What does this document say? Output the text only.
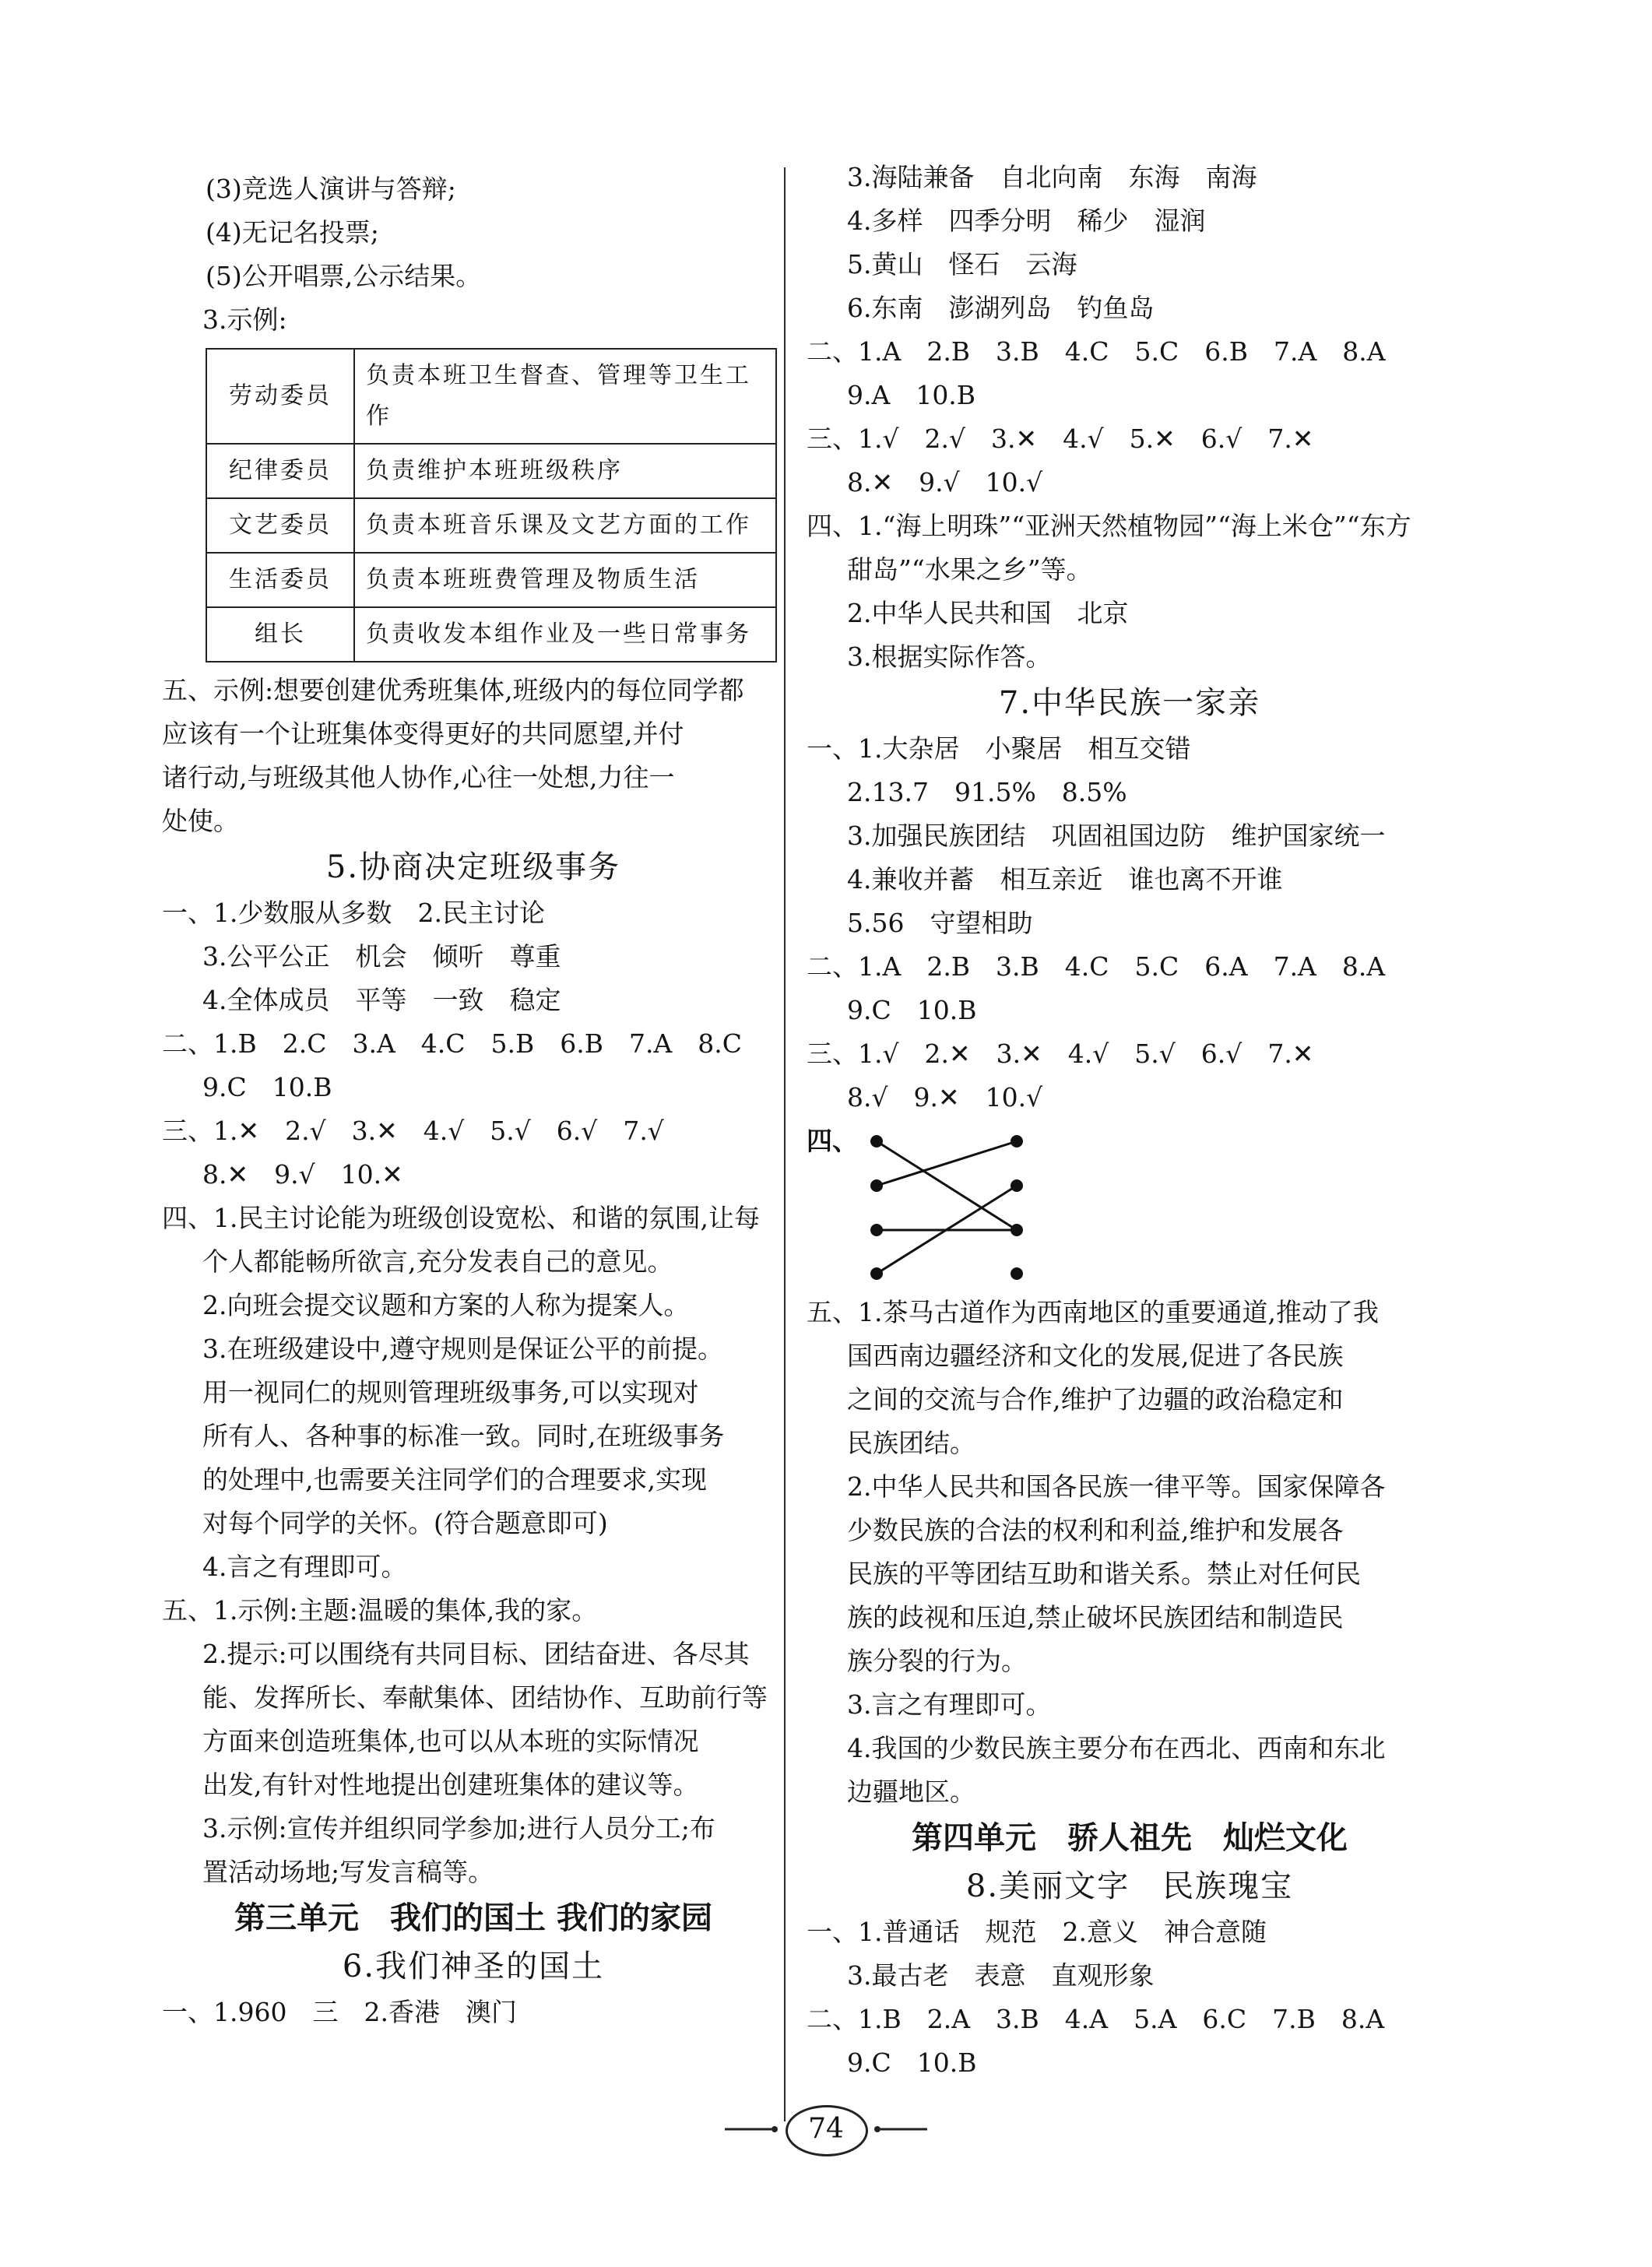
(3)竞选人演讲与答辩;
(4)无记名投票;
(5)公开唱票,公示结果。
3.示例:
劳动委员	负责本班卫生督查、管理等卫生工作
纪律委员	负责维护本班班级秩序
文艺委员	负责本班音乐课及文艺方面的工作
生活委员	负责本班班费管理及物质生活
组长	负责收发本组作业及一些日常事务
五、示例:想要创建优秀班集体,班级内的每位同学都
应该有一个让班集体变得更好的共同愿望,并付
诸行动,与班级其他人协作,心往一处想,力往一
处使。
5.协商决定班级事务
一、1.少数服从多数　2.民主讨论
3.公平公正　机会　倾听　尊重
4.全体成员　平等　一致　稳定
二、1.B　2.C　3.A　4.C　5.B　6.B　7.A　8.C
9.C　10.B
三、1.✕　2.√　3.✕　4.√　5.√　6.√　7.√
8.✕　9.√　10.✕
四、1.民主讨论能为班级创设宽松、和谐的氛围,让每
个人都能畅所欲言,充分发表自己的意见。
2.向班会提交议题和方案的人称为提案人。
3.在班级建设中,遵守规则是保证公平的前提。
用一视同仁的规则管理班级事务,可以实现对
所有人、各种事的标准一致。同时,在班级事务
的处理中,也需要关注同学们的合理要求,实现
对每个同学的关怀。(符合题意即可)
4.言之有理即可。
五、1.示例:主题:温暖的集体,我的家。
2.提示:可以围绕有共同目标、团结奋进、各尽其
能、发挥所长、奉献集体、团结协作、互助前行等
方面来创造班集体,也可以从本班的实际情况
出发,有针对性地提出创建班集体的建议等。
3.示例:宣传并组织同学参加;进行人员分工;布
置活动场地;写发言稿等。
第三单元　我们的国土 我们的家园
6.我们神圣的国土
一、1.960　三　2.香港　澳门
3.海陆兼备　自北向南　东海　南海
4.多样　四季分明　稀少　湿润
5.黄山　怪石　云海
6.东南　澎湖列岛　钓鱼岛
二、1.A　2.B　3.B　4.C　5.C　6.B　7.A　8.A
9.A　10.B
三、1.√　2.√　3.✕　4.√　5.✕　6.√　7.✕
8.✕　9.√　10.√
四、1.“海上明珠”“亚洲天然植物园”“海上米仓”“东方
甜岛”“水果之乡”等。
2.中华人民共和国　北京
3.根据实际作答。
7.中华民族一家亲
一、1.大杂居　小聚居　相互交错
2.13.7　91.5%　8.5%
3.加强民族团结　巩固祖国边防　维护国家统一
4.兼收并蓄　相互亲近　谁也离不开谁
5.56　守望相助
二、1.A　2.B　3.B　4.C　5.C　6.A　7.A　8.A
9.C　10.B
三、1.√　2.✕　3.✕　4.√　5.√　6.√　7.✕
8.√　9.✕　10.√
四、
五、1.茶马古道作为西南地区的重要通道,推动了我
国西南边疆经济和文化的发展,促进了各民族
之间的交流与合作,维护了边疆的政治稳定和
民族团结。
2.中华人民共和国各民族一律平等。国家保障各
少数民族的合法的权利和利益,维护和发展各
民族的平等团结互助和谐关系。禁止对任何民
族的歧视和压迫,禁止破坏民族团结和制造民
族分裂的行为。
3.言之有理即可。
4.我国的少数民族主要分布在西北、西南和东北
边疆地区。
第四单元　骄人祖先　灿烂文化
8.美丽文字　民族瑰宝
一、1.普通话　规范　2.意义　神合意随
3.最古老　表意　直观形象
二、1.B　2.A　3.B　4.A　5.A　6.C　7.B　8.A
9.C　10.B
74
